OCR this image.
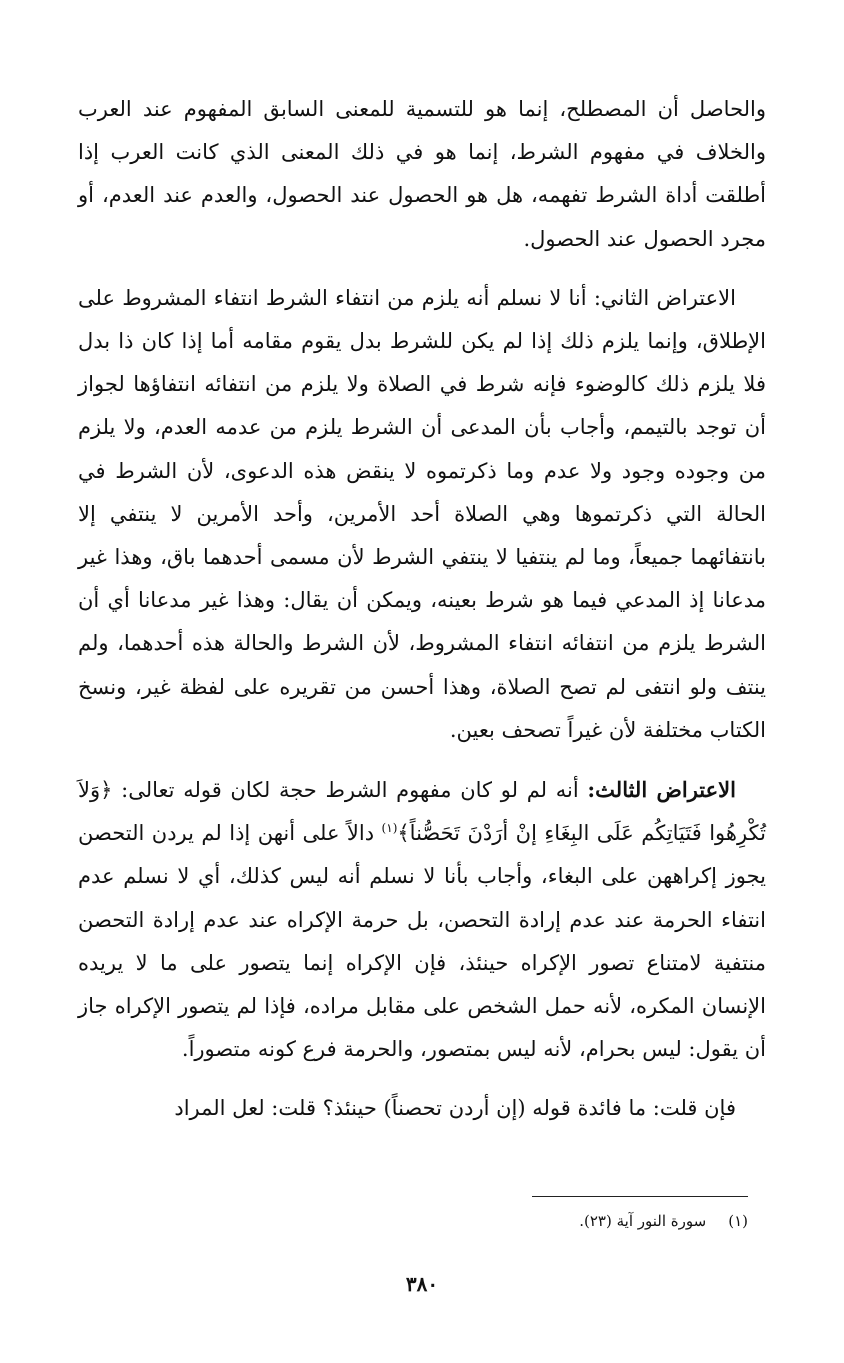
والحاصل أن المصطلح، إنما هو للتسمية للمعنى السابق المفهوم عند العرب والخلاف في مفهوم الشرط، إنما هو في ذلك المعنى الذي كانت العرب إذا أطلقت أداة الشرط تفهمه، هل هو الحصول عند الحصول، والعدم عند العدم، أو مجرد الحصول عند الحصول.

الاعتراض الثاني: أنا لا نسلم أنه يلزم من انتفاء الشرط انتفاء المشروط على الإطلاق، وإنما يلزم ذلك إذا لم يكن للشرط بدل يقوم مقامه أما إذا كان ذا بدل فلا يلزم ذلك كالوضوء فإنه شرط في الصلاة ولا يلزم من انتفائه انتفاؤها لجواز أن توجد بالتيمم، وأجاب بأن المدعى أن الشرط يلزم من عدمه العدم، ولا يلزم من وجوده وجود ولا عدم وما ذكرتموه لا ينقض هذه الدعوى، لأن الشرط في الحالة التي ذكرتموها وهي الصلاة أحد الأمرين، وأحد الأمرين لا ينتفي إلا بانتفائهما جميعاً، وما لم ينتفيا لا ينتفي الشرط لأن مسمى أحدهما باق، وهذا غير مدعانا إذ المدعي فيما هو شرط بعينه، ويمكن أن يقال: وهذا غير مدعانا أي أن الشرط يلزم من انتفائه انتفاء المشروط، لأن الشرط والحالة هذه أحدهما، ولم ينتف ولو انتفى لم تصح الصلاة، وهذا أحسن من تقريره على لفظة غير، ونسخ الكتاب مختلفة لأن غيراً تصحف بعين.

الاعتراض الثالث: أنه لم لو كان مفهوم الشرط حجة لكان قوله تعالى: ﴿وَلاَ تُكْرِهُوا فَتَيَاتِكُم عَلَى البِغَاءِ إنْ أرَدْنَ تَحَصُّناً﴾$^{(١)}$ دالاً على أنهن إذا لم يردن التحصن يجوز إكراههن على البغاء، وأجاب بأنا لا نسلم أنه ليس كذلك، أي لا نسلم عدم انتفاء الحرمة عند عدم إرادة التحصن، بل حرمة الإكراه عند عدم إرادة التحصن منتفية لامتناع تصور الإكراه حينئذ، فإن الإكراه إنما يتصور على ما لا يريده الإنسان المكره، لأنه حمل الشخص على مقابل مراده، فإذا لم يتصور الإكراه جاز أن يقول: ليس بحرام، لأنه ليس بمتصور، والحرمة فرع كونه متصوراً.

فإن قلت: ما فائدة قوله (إن أردن تحصناً) حينئذ؟ قلت: لعل المراد

(١)سورة النور آية (٢٣).
٣٨٠
